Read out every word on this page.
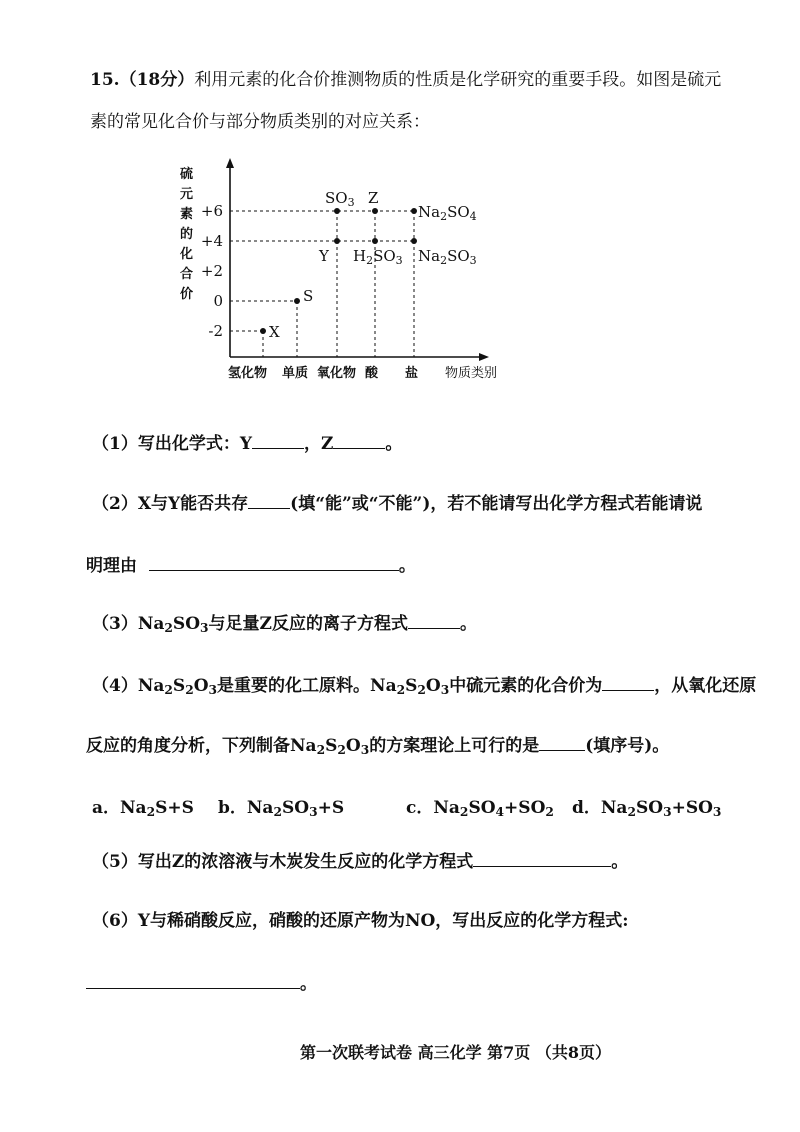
15.（18分）利用元素的化合价推测物质的性质是化学研究的重要手段。如图是硫元
素的常见化合价与部分物质类别的对应关系：
硫
元
素
的
化
合
价
+6
+4
+2
0
-2
氢化物 单质 氧化物 酸 盐
X
S
$SO_3$
Y
Z
$H_2SO_3$
$Na_2SO_4$
$Na_2SO_3$
物质类别
（1）写出化学式：Y	，Z	。
（2）X与Y能否共存 (填“能”或“不能”)，若不能请写出化学方程式若能请说
明理由	。
$(3)Na_2SO_3$与足量Z反应的离子方程式	。
$(4)Na_2S_2O_3$是重要的化工原料。$Na_2S_2O_3$中硫元素的化合价为	，从氧化还原
反应的角度分析，下列制备$Na_2S_2O_3$的方案理论上可行的是	(填序号)。
a．$Na_2S+S$ b．$Na_2SO_3+S$	c．$Na_2SO_4+SO_2$ d．$Na_2SO_3+SO_3$
（5）写出Z的浓溶液与木炭发生反应的化学方程式	。
（6）Y与稀硝酸反应，硝酸的还原产物为NO，写出反应的化学方程式:
。
第一次联考试卷 高三化学 第7页 （共8页）
